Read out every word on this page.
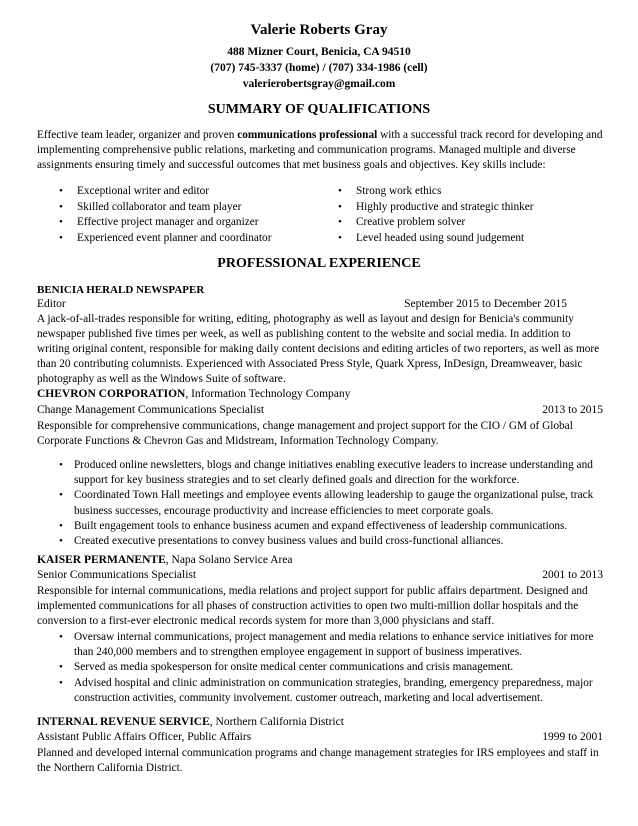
Valerie Roberts Gray
488 Mizner Court, Benicia, CA 94510
(707) 745-3337 (home) / (707) 334-1986 (cell)
valerierobertsgray@gmail.com
SUMMARY OF QUALIFICATIONS
Effective team leader, organizer and proven communications professional with a successful track record for developing and implementing comprehensive public relations, marketing and communication programs. Managed multiple and diverse assignments ensuring timely and successful outcomes that met business goals and objectives. Key skills include:
• Exceptional writer and editor
• Skilled collaborator and team player
• Effective project manager and organizer
• Experienced event planner and coordinator
• Strong work ethics
• Highly productive and strategic thinker
• Creative problem solver
• Level headed using sound judgement
PROFESSIONAL EXPERIENCE
BENICIA HERALD NEWSPAPER
Editor	September 2015 to December 2015
A jack-of-all-trades responsible for writing, editing, photography as well as layout and design for Benicia's community newspaper published five times per week, as well as publishing content to the website and social media. In addition to writing original content, responsible for making daily content decisions and editing articles of two reporters, as well as more than 20 contributing columnists. Experienced with Associated Press Style, Quark Xpress, InDesign, Dreamweaver, basic photography as well as the Windows Suite of software.
CHEVRON CORPORATION, Information Technology Company
Change Management Communications Specialist	2013 to 2015
Responsible for comprehensive communications, change management and project support for the CIO / GM of Global Corporate Functions & Chevron Gas and Midstream, Information Technology Company.
• Produced online newsletters, blogs and change initiatives enabling executive leaders to increase understanding and support for key business strategies and to set clearly defined goals and direction for the workforce.
• Coordinated Town Hall meetings and employee events allowing leadership to gauge the organizational pulse, track business successes, encourage productivity and increase efficiencies to meet corporate goals.
• Built engagement tools to enhance business acumen and expand effectiveness of leadership communications.
• Created executive presentations to convey business values and build cross-functional alliances.
KAISER PERMANENTE, Napa Solano Service Area
Senior Communications Specialist	2001 to 2013
Responsible for internal communications, media relations and project support for public affairs department. Designed and implemented communications for all phases of construction activities to open two multi-million dollar hospitals and the conversion to a first-ever electronic medical records system for more than 3,000 physicians and staff.
• Oversaw internal communications, project management and media relations to enhance service initiatives for more than 240,000 members and to strengthen employee engagement in support of business imperatives.
• Served as media spokesperson for onsite medical center communications and crisis management.
• Advised hospital and clinic administration on communication strategies, branding, emergency preparedness, major construction activities, community involvement. customer outreach, marketing and local advertisement.
INTERNAL REVENUE SERVICE, Northern California District
Assistant Public Affairs Officer, Public Affairs	1999 to 2001
Planned and developed internal communication programs and change management strategies for IRS employees and staff in the Northern California District.
